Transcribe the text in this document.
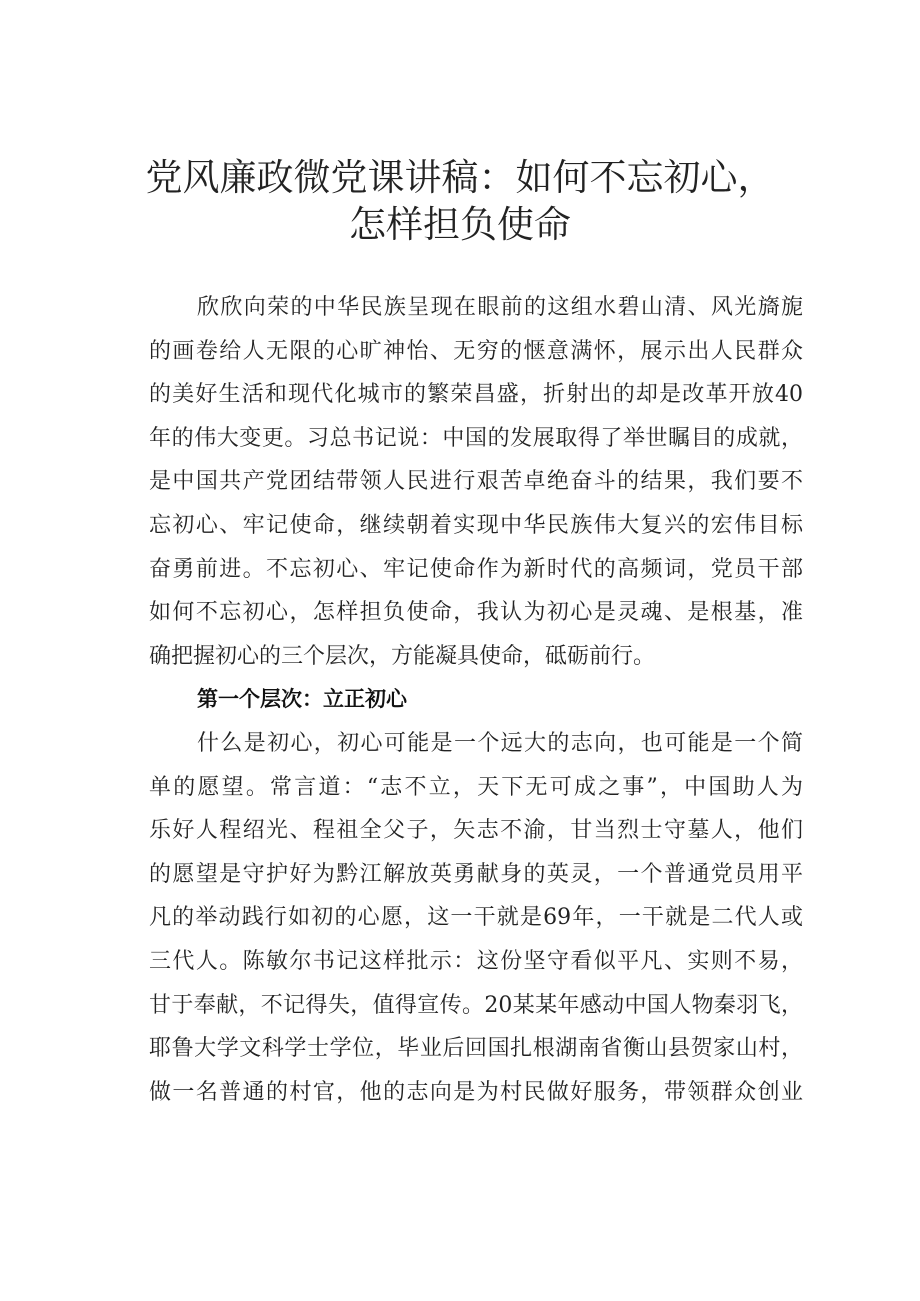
党风廉政微党课讲稿：如何不忘初心，
怎样担负使命
欣欣向荣的中华民族呈现在眼前的这组水碧山清、风光旖旎
的画卷给人无限的心旷神怡、无穷的惬意满怀，展示出人民群众
的美好生活和现代化城市的繁荣昌盛，折射出的却是改革开放40
年的伟大变更。习总书记说：中国的发展取得了举世瞩目的成就，
是中国共产党团结带领人民进行艰苦卓绝奋斗的结果，我们要不
忘初心、牢记使命，继续朝着实现中华民族伟大复兴的宏伟目标
奋勇前进。不忘初心、牢记使命作为新时代的高频词，党员干部
如何不忘初心，怎样担负使命，我认为初心是灵魂、是根基，准
确把握初心的三个层次，方能凝具使命，砥砺前行。
第一个层次：立正初心
什么是初心，初心可能是一个远大的志向，也可能是一个简
单的愿望。常言道：“志不立，天下无可成之事”，中国助人为
乐好人程绍光、程祖全父子，矢志不渝，甘当烈士守墓人，他们
的愿望是守护好为黔江解放英勇献身的英灵，一个普通党员用平
凡的举动践行如初的心愿，这一干就是69年，一干就是二代人或
三代人。陈敏尔书记这样批示：这份坚守看似平凡、实则不易，
甘于奉献，不记得失，值得宣传。20某某年感动中国人物秦羽飞，
耶鲁大学文科学士学位，毕业后回国扎根湖南省衡山县贺家山村，
做一名普通的村官，他的志向是为村民做好服务，带领群众创业
